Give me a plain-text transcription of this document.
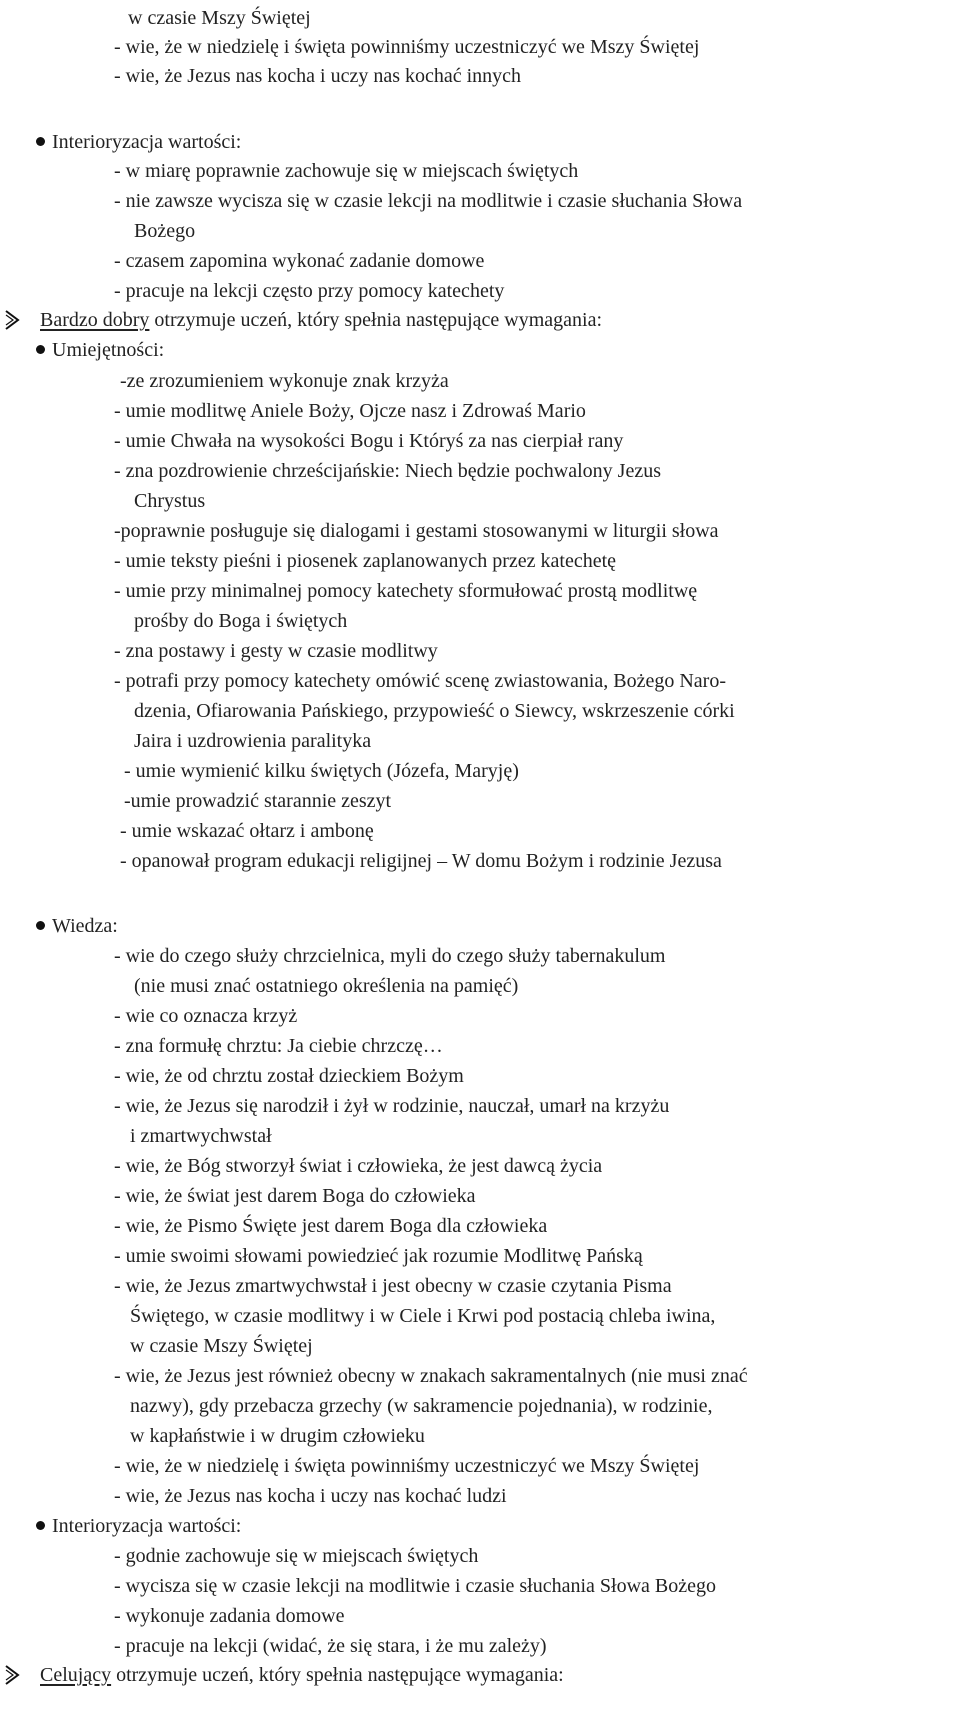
w czasie Mszy Świętej
- wie, że w niedzielę i święta powinniśmy uczestniczyć we Mszy Świętej
- wie, że Jezus nas kocha i uczy nas kochać innych
Interioryzacja wartości:
- w miarę poprawnie zachowuje się w miejscach świętych
- nie zawsze wycisza się w czasie lekcji na modlitwie i czasie słuchania Słowa
Bożego
- czasem zapomina wykonać zadanie domowe
- pracuje na lekcji często przy pomocy katechety
Bardzo dobry otrzymuje uczeń, który spełnia następujące wymagania:
Umiejętności:
-ze zrozumieniem wykonuje znak krzyża
- umie modlitwę Aniele Boży, Ojcze nasz i Zdrowaś Mario
- umie Chwała na wysokości Bogu i Któryś za nas cierpiał rany
- zna pozdrowienie chrześcijańskie: Niech będzie pochwalony Jezus
Chrystus
-poprawnie posługuje się dialogami i gestami stosowanymi w liturgii słowa
- umie teksty pieśni i piosenek zaplanowanych przez katechetę
- umie przy minimalnej pomocy katechety sformułować prostą modlitwę
prośby do Boga i świętych
- zna postawy i gesty w czasie modlitwy
- potrafi przy pomocy katechety omówić scenę zwiastowania, Bożego Naro-
dzenia, Ofiarowania Pańskiego, przypowieść o Siewcy, wskrzeszenie córki
Jaira i uzdrowienia paralityka
- umie wymienić kilku świętych (Józefa, Maryję)
-umie prowadzić starannie zeszyt
- umie wskazać ołtarz i ambonę
- opanował program edukacji religijnej – W domu Bożym i rodzinie Jezusa
Wiedza:
- wie do czego służy chrzcielnica, myli do czego służy tabernakulum
(nie musi znać ostatniego określenia na pamięć)
- wie co oznacza krzyż
- zna formułę chrztu: Ja ciebie chrzczę…
- wie, że od chrztu został dzieckiem Bożym
- wie, że Jezus się narodził i żył w rodzinie, nauczał, umarł na krzyżu
i zmartwychwstał
- wie, że Bóg stworzył świat i człowieka, że jest dawcą życia
- wie, że świat jest darem Boga do człowieka
- wie, że Pismo Święte jest darem Boga dla człowieka
- umie swoimi słowami powiedzieć jak rozumie Modlitwę Pańską
- wie, że Jezus zmartwychwstał i jest obecny w czasie czytania Pisma
Świętego, w czasie modlitwy i w Ciele i Krwi pod postacią chleba iwina,
w czasie Mszy Świętej
- wie, że Jezus jest również obecny w znakach sakramentalnych (nie musi znać
nazwy), gdy przebacza grzechy (w sakramencie pojednania), w rodzinie,
w kapłaństwie i w drugim człowieku
- wie, że w niedzielę i święta powinniśmy uczestniczyć we Mszy Świętej
- wie, że Jezus nas kocha i uczy nas kochać ludzi
Interioryzacja wartości:
- godnie zachowuje się w miejscach świętych
- wycisza się w czasie lekcji na modlitwie i czasie słuchania Słowa Bożego
- wykonuje zadania domowe
- pracuje na lekcji (widać, że się stara, i że mu zależy)
Celujący otrzymuje uczeń, który spełnia następujące wymagania:
